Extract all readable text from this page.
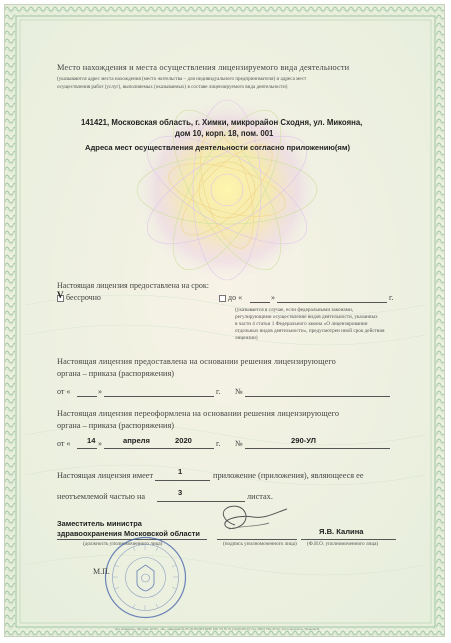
Место нахождения и места осуществления лицензируемого вида деятельности
(указываются адрес места нахождения (место жительства – для индивидуального предпринимателя) и адреса мест
осуществления работ (услуг), выполняемых (оказываемых) в составе лицензируемого вида деятельности)
141421, Московская область, г. Химки, микрорайон Сходня, ул. Микояна,
дом 10, корп. 18, пом. 001
Адреса мест осуществления деятельности согласно приложению(ям)
Настоящая лицензия предоставлена на срок:
V бессрочно	до «	»	г.
(указывается в случае, если федеральными законами,
регулирующими осуществление видов деятельности, указанных
в части 4 статьи 1 Федерального закона «О лицензировании
отдельных видов деятельности», предусмотрен иной срок действия
лицензии)
Настоящая лицензия предоставлена на основании решения лицензирующего
органа – приказа (распоряжения)
от «	»	г. №
Настоящая лицензия переоформлена на основании решения лицензирующего
органа – приказа (распоряжения)
от « 14 »	апреля	2020	г. №	290-УЛ
Настоящая лицензия имеет	1	приложение (приложения), являющееся ее
неотъемлемой частью на	3	листах.
Заместитель министра
здравоохранения Московской области
(должность уполномоченного лица)	(подпись уполномоченного лица)
Я.В. Калина
(Ф.И.О. уполномоченного лица)
М.П.
АО «Опцион», Москва, 2019 г. «Б», лицензия № 05-05-09/003 ФНС РФ, ТЗ № 70 (14.06.2019), тел. (495) 726-47-42, www.opcion.ru, Уровень В
